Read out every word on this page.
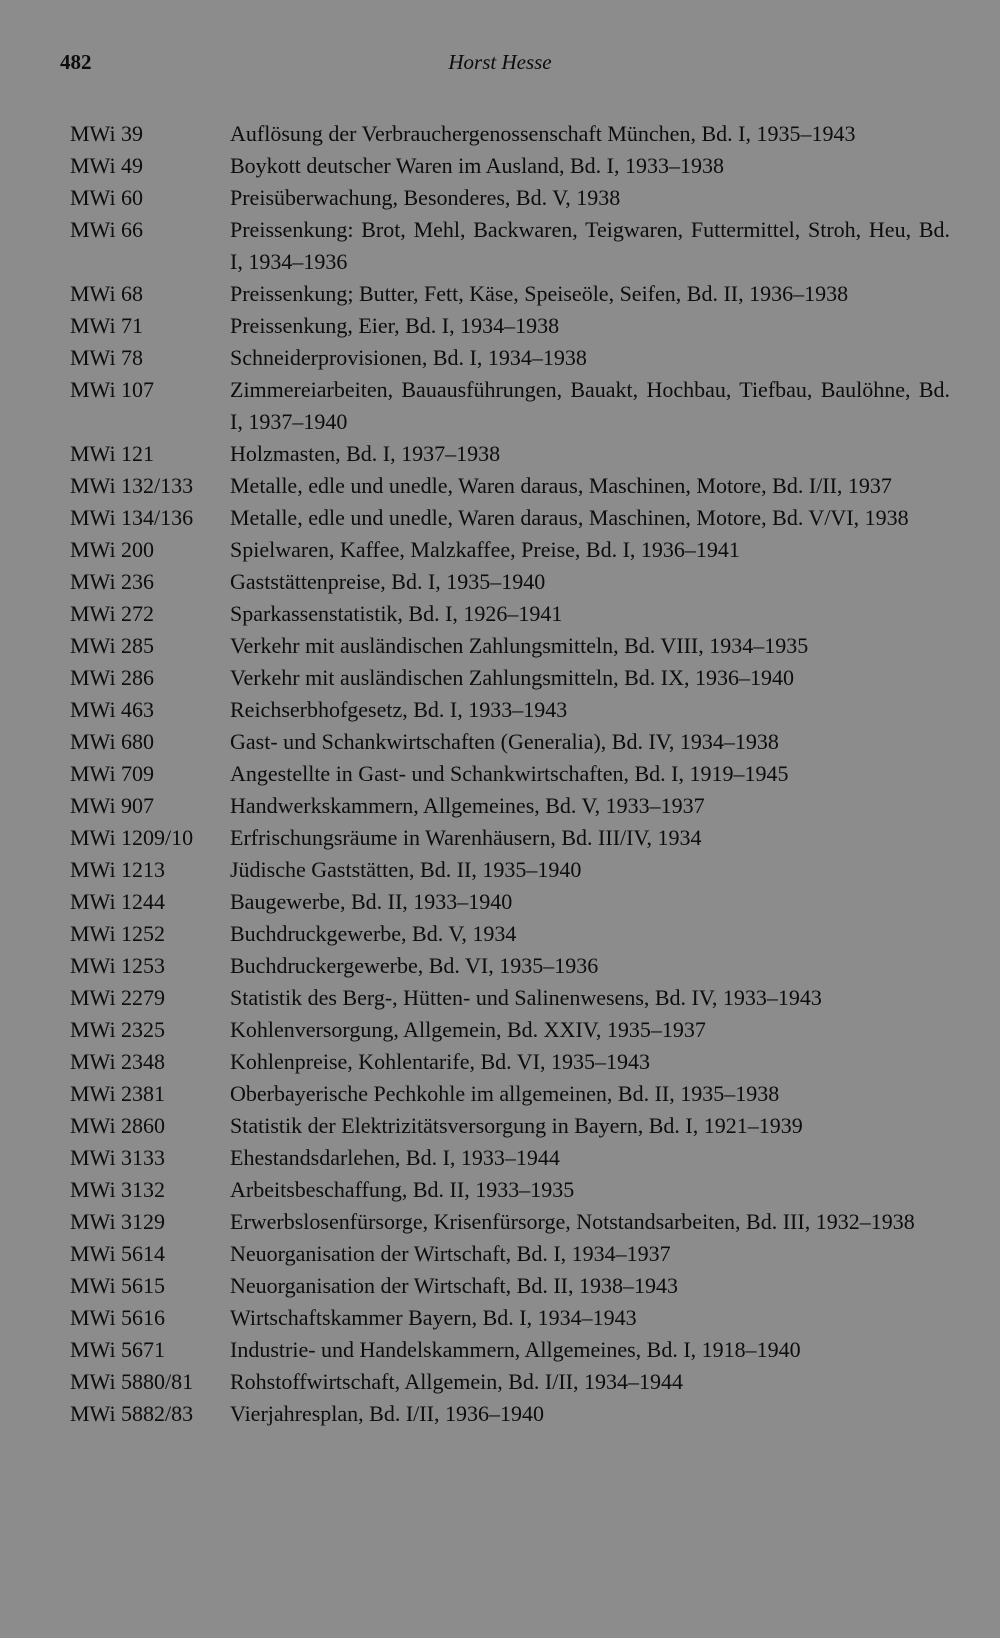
482	Horst Hesse
MWi 39	Auflösung der Verbrauchergenossenschaft München, Bd. I, 1935–1943
MWi 49	Boykott deutscher Waren im Ausland, Bd. I, 1933–1938
MWi 60	Preisüberwachung, Besonderes, Bd. V, 1938
MWi 66	Preissenkung: Brot, Mehl, Backwaren, Teigwaren, Futtermittel, Stroh, Heu, Bd. I, 1934–1936
MWi 68	Preissenkung; Butter, Fett, Käse, Speiseöle, Seifen, Bd. II, 1936–1938
MWi 71	Preissenkung, Eier, Bd. I, 1934–1938
MWi 78	Schneiderprovisionen, Bd. I, 1934–1938
MWi 107	Zimmereiarbeiten, Bauausführungen, Bauakt, Hochbau, Tiefbau, Baulöhne, Bd. I, 1937–1940
MWi 121	Holzmasten, Bd. I, 1937–1938
MWi 132/133	Metalle, edle und unedle, Waren daraus, Maschinen, Motore, Bd. I/II, 1937
MWi 134/136	Metalle, edle und unedle, Waren daraus, Maschinen, Motore, Bd. V/VI, 1938
MWi 200	Spielwaren, Kaffee, Malzkaffee, Preise, Bd. I, 1936–1941
MWi 236	Gaststättenpreise, Bd. I, 1935–1940
MWi 272	Sparkassenstatistik, Bd. I, 1926–1941
MWi 285	Verkehr mit ausländischen Zahlungsmitteln, Bd. VIII, 1934–1935
MWi 286	Verkehr mit ausländischen Zahlungsmitteln, Bd. IX, 1936–1940
MWi 463	Reichserbhofgesetz, Bd. I, 1933–1943
MWi 680	Gast- und Schankwirtschaften (Generalia), Bd. IV, 1934–1938
MWi 709	Angestellte in Gast- und Schankwirtschaften, Bd. I, 1919–1945
MWi 907	Handwerkskammern, Allgemeines, Bd. V, 1933–1937
MWi 1209/10	Erfrischungsräume in Warenhäusern, Bd. III/IV, 1934
MWi 1213	Jüdische Gaststätten, Bd. II, 1935–1940
MWi 1244	Baugewerbe, Bd. II, 1933–1940
MWi 1252	Buchdruckgewerbe, Bd. V, 1934
MWi 1253	Buchdruckergewerbe, Bd. VI, 1935–1936
MWi 2279	Statistik des Berg-, Hütten- und Salinenwesens, Bd. IV, 1933–1943
MWi 2325	Kohlenversorgung, Allgemein, Bd. XXIV, 1935–1937
MWi 2348	Kohlenpreise, Kohlentarife, Bd. VI, 1935–1943
MWi 2381	Oberbayerische Pechkohle im allgemeinen, Bd. II, 1935–1938
MWi 2860	Statistik der Elektrizitätsversorgung in Bayern, Bd. I, 1921–1939
MWi 3133	Ehestandsdarlehen, Bd. I, 1933–1944
MWi 3132	Arbeitsbeschaffung, Bd. II, 1933–1935
MWi 3129	Erwerbslosenfürsorge, Krisenfürsorge, Notstandsarbeiten, Bd. III, 1932–1938
MWi 5614	Neuorganisation der Wirtschaft, Bd. I, 1934–1937
MWi 5615	Neuorganisation der Wirtschaft, Bd. II, 1938–1943
MWi 5616	Wirtschaftskammer Bayern, Bd. I, 1934–1943
MWi 5671	Industrie- und Handelskammern, Allgemeines, Bd. I, 1918–1940
MWi 5880/81	Rohstoffwirtschaft, Allgemein, Bd. I/II, 1934–1944
MWi 5882/83	Vierjahresplan, Bd. I/II, 1936–1940
